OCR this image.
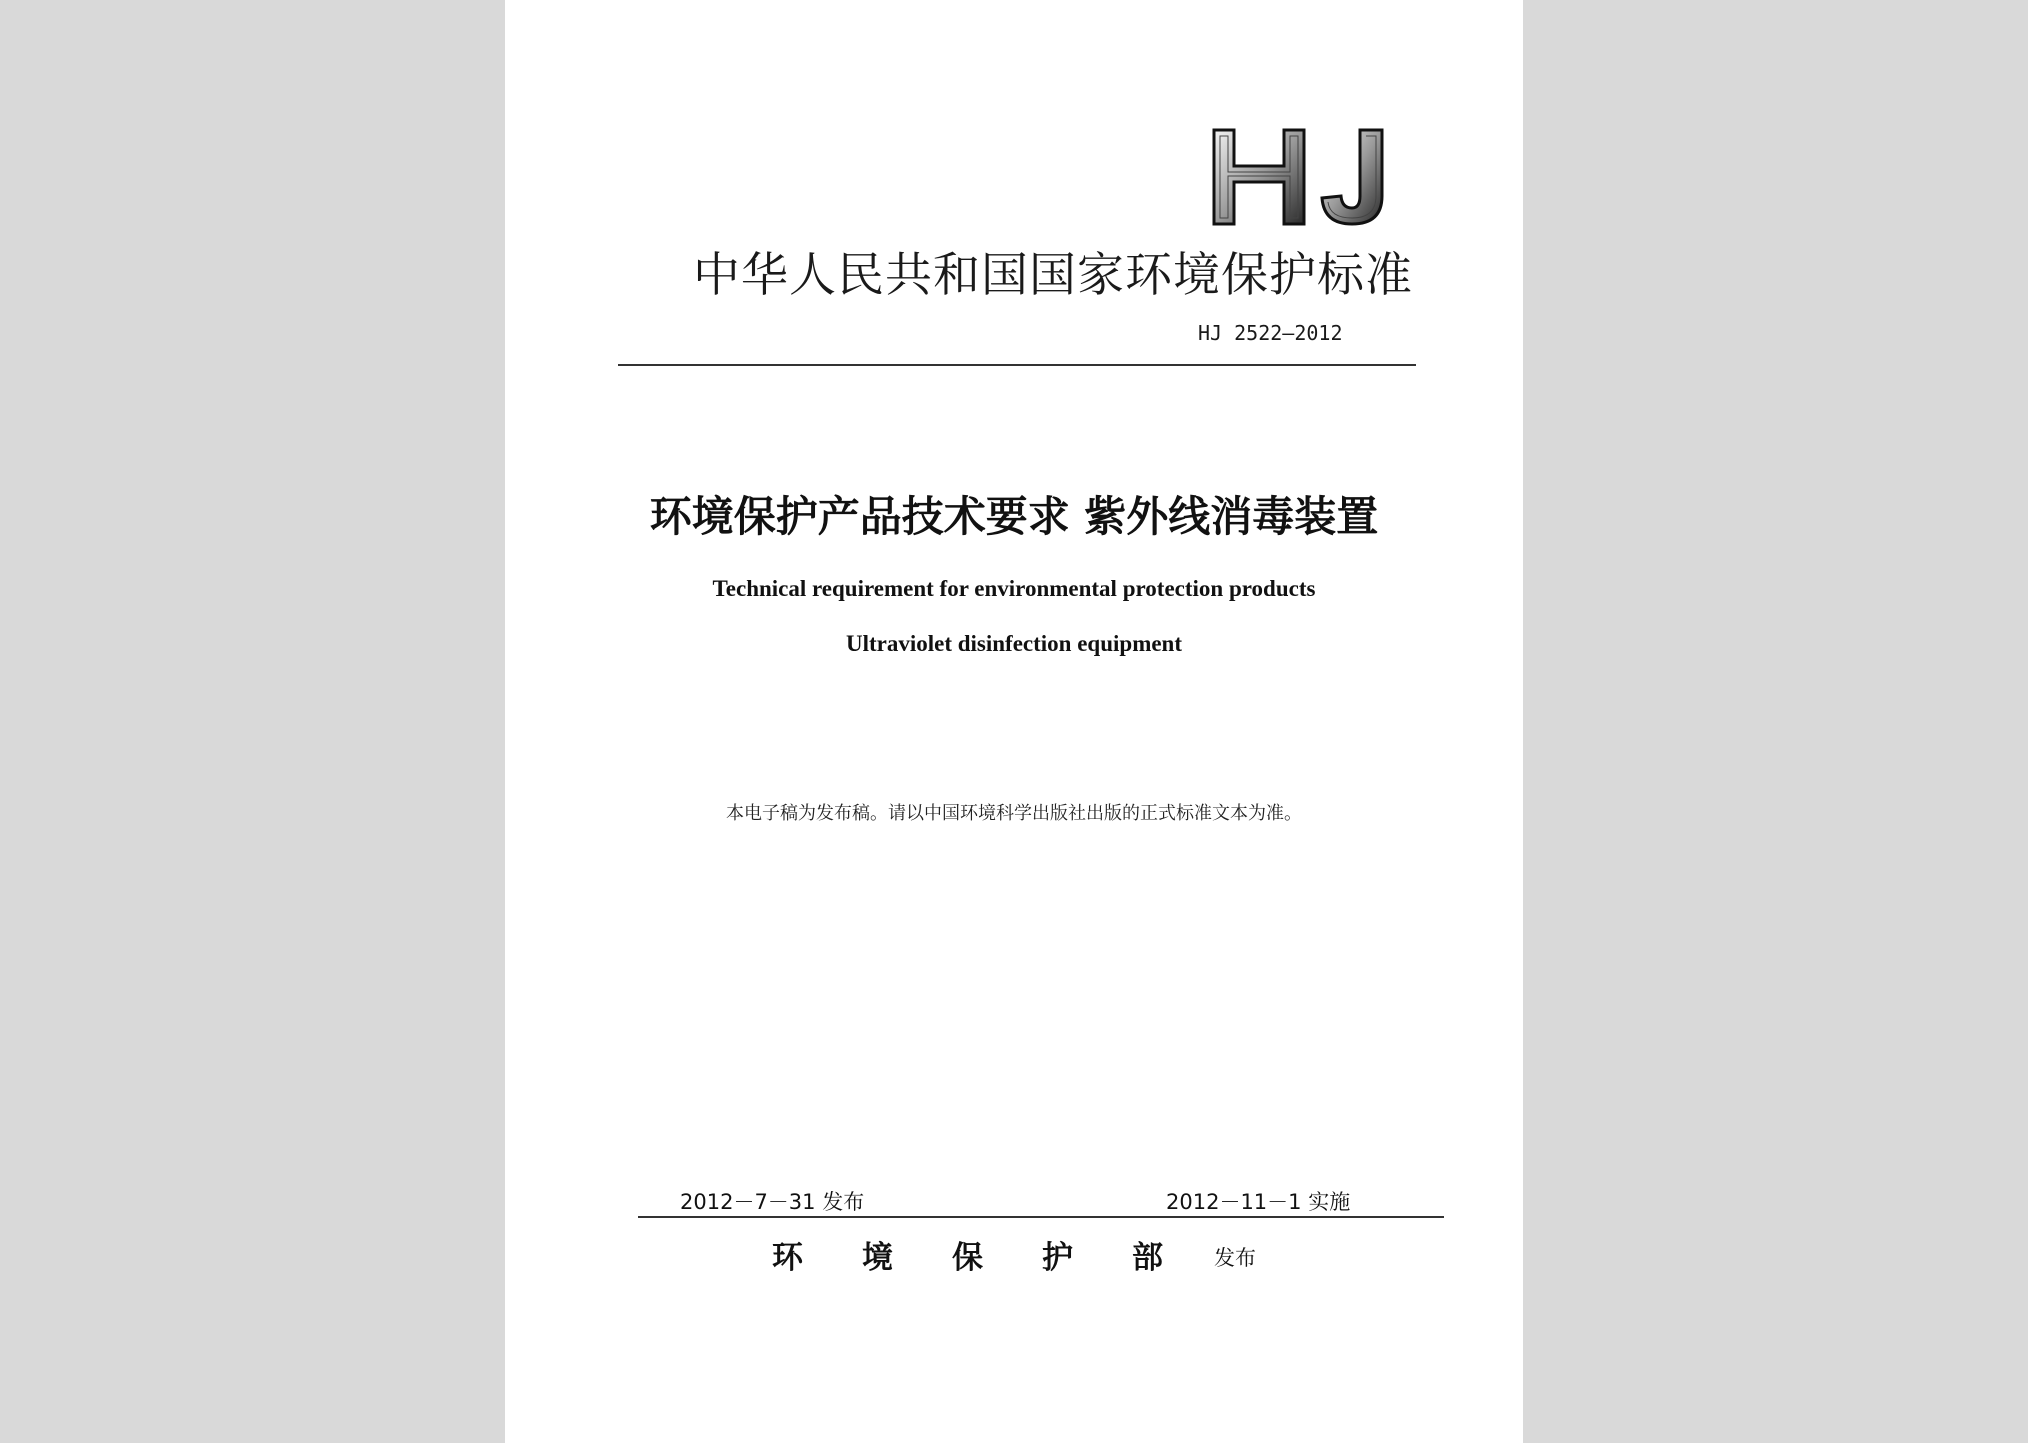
中华人民共和国国家环境保护标准
HJ 2522—2012
环境保护产品技术要求 紫外线消毒装置
Technical requirement for environmental protection products
Ultraviolet disinfection equipment
本电子稿为发布稿。请以中国环境科学出版社出版的正式标准文本为准。
2012－7－31 发布	2012－11－1 实施
环境保护部
发布
